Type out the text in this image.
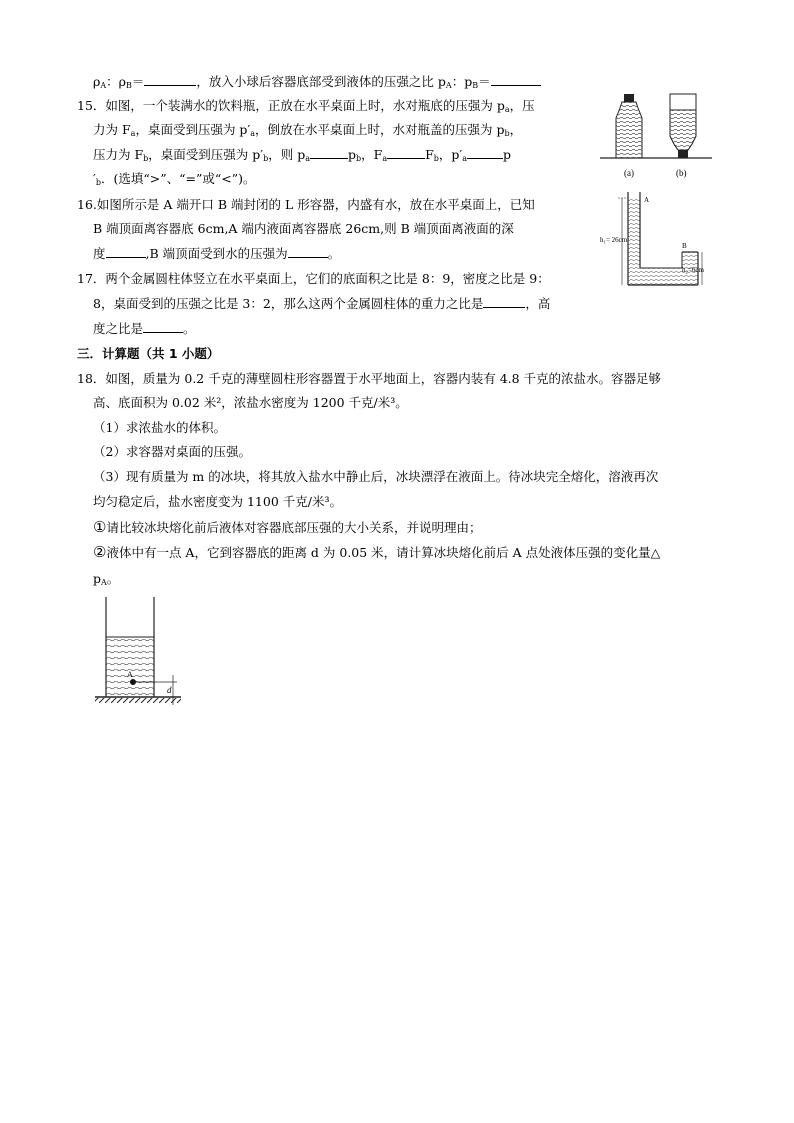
$\rho_A$：$\rho_B=$	，放入小球后容器底部受到液体的压强之比 $p_A$：$p_B=$
15．如图，一个装满水的饮料瓶，正放在水平桌面上时，水对瓶底的压强为 $p_a$，压
力为 $F_a$，桌面受到压强为 $p'_a$，倒放在水平桌面上时，水对瓶盖的压强为 $p_b$，
压力为 $F_b$，桌面受到压强为 $p'_b$，则 $p_a$	$p_b$，$F_a$	$F_b$，$p'_a$	p
$'_b$．(选填“>”、“=”或“<”)。	(a)	(b)
16.如图所示是 A 端开口 B 端封闭的 L 形容器，内盛有水，放在水平桌面上，已知
B 端顶面离容器底 6cm,A 端内液面离容器底 26cm,则 B 端顶面离液面的深
度	,B 端顶面受到水的压强为	。
h₁= 26cm
h₂=6cm
A
B
17．两个金属圆柱体竖立在水平桌面上，它们的底面积之比是 8：9，密度之比是 9：
8，桌面受到的压强之比是 3：2，那么这两个金属圆柱体的重力之比是	，高
度之比是	。
三．计算题（共 1 小题）
18．如图，质量为 0.2 千克的薄壁圆柱形容器置于水平地面上，容器内装有 4.8 千克的浓盐水。容器足够
高、底面积为 0.02 米²，浓盐水密度为 1200 千克/米³。
（1）求浓盐水的体积。
（2）求容器对桌面的压强。
（3）现有质量为 m 的冰块，将其放入盐水中静止后，冰块漂浮在液面上。待冰块完全熔化，溶液再次
均匀稳定后，盐水密度变为 1100 千克/米³。
①请比较冰块熔化前后液体对容器底部压强的大小关系，并说明理由；
②液体中有一点 A，它到容器底的距离 d 为 0.05 米，请计算冰块熔化前后 A 点处液体压强的变化量△
$p_A$。
A
d
